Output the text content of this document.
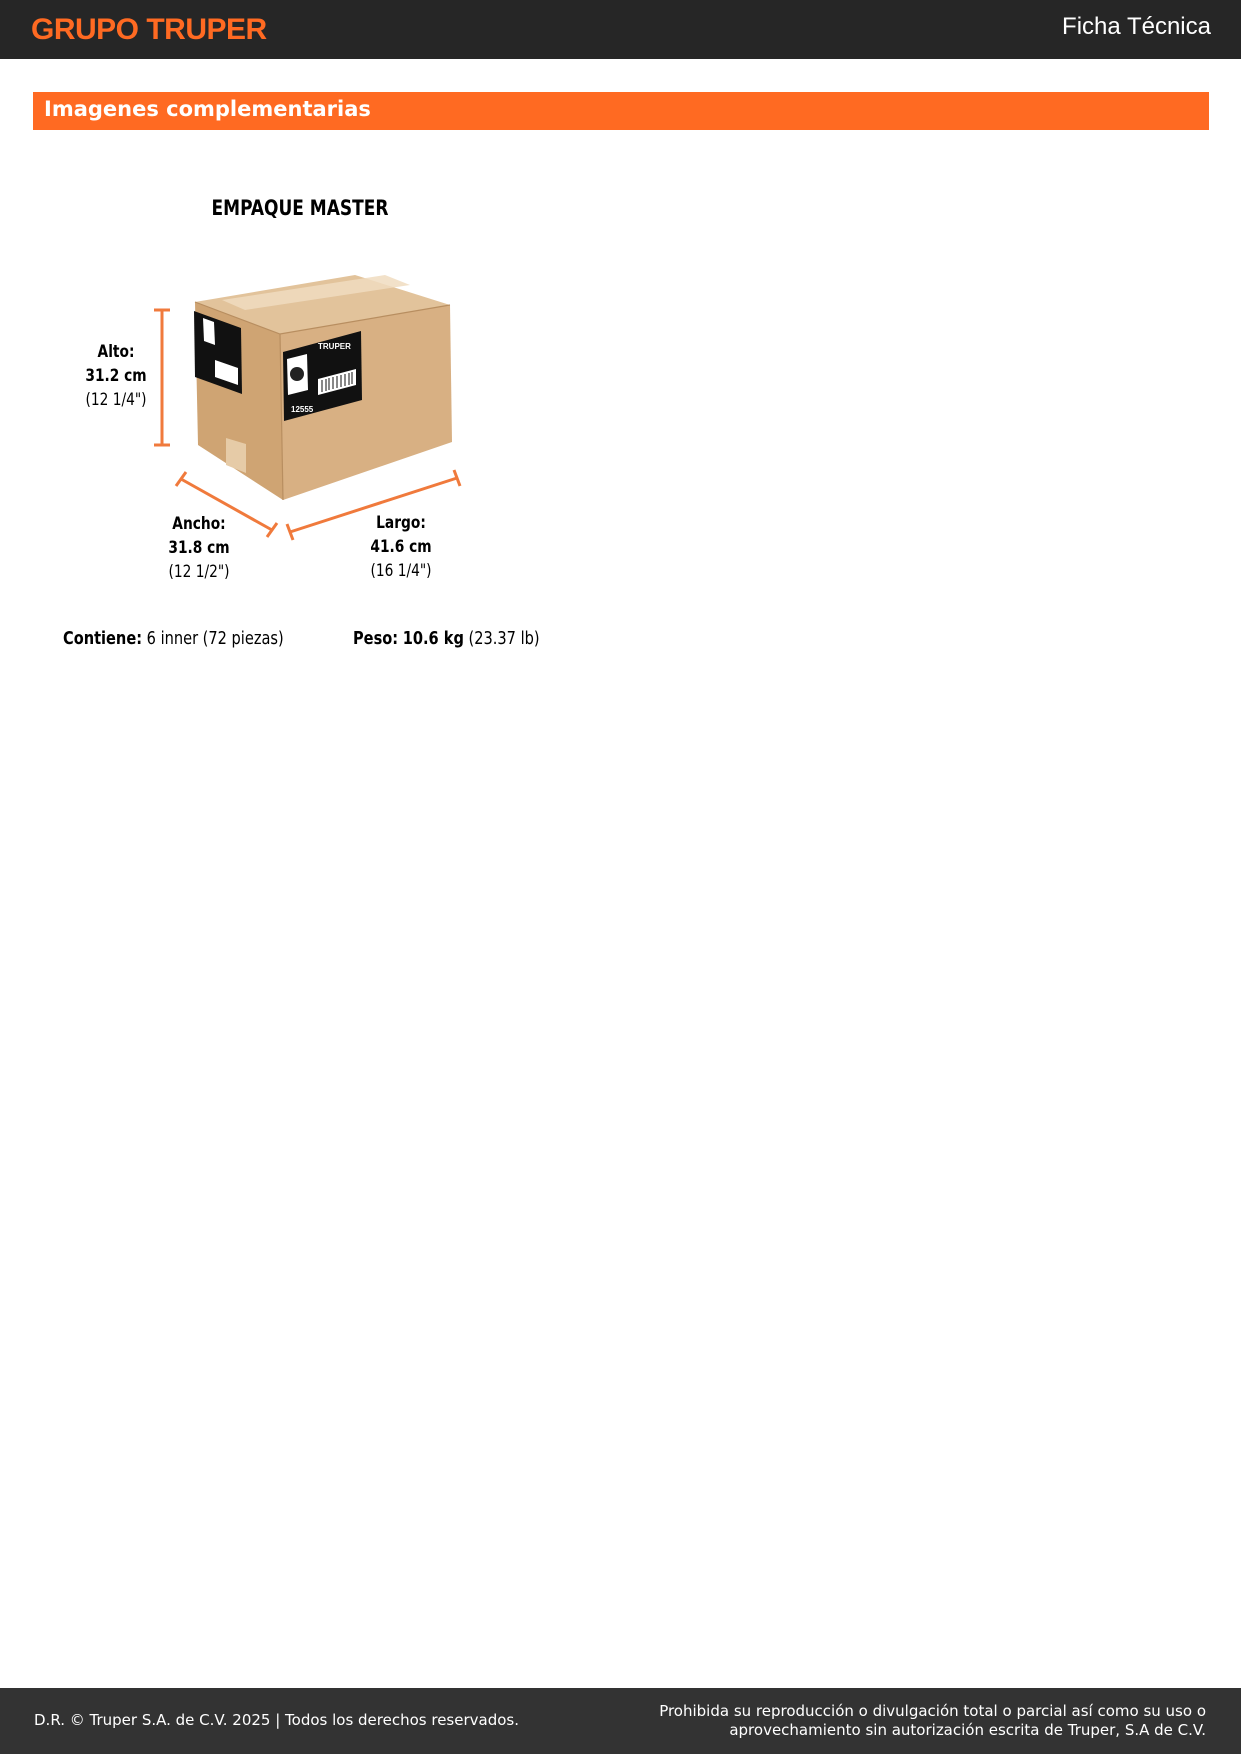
GRUPO TRUPER	Ficha Técnica
Imagenes complementarias
EMPAQUE MASTER
TRUPER
12555
Alto:
31.2 cm
(12 1/4")
Ancho:
31.8 cm
(12 1/2")
Largo:
41.6 cm
(16 1/4")
Contiene: 6 inner (72 piezas)	Peso: 10.6 kg (23.37 lb)
D.R. © Truper S.A. de C.V. 2025 | Todos los derechos reservados.	Prohibida su reproducción o divulgación total o parcial así como su uso o
aprovechamiento sin autorización escrita de Truper, S.A de C.V.
